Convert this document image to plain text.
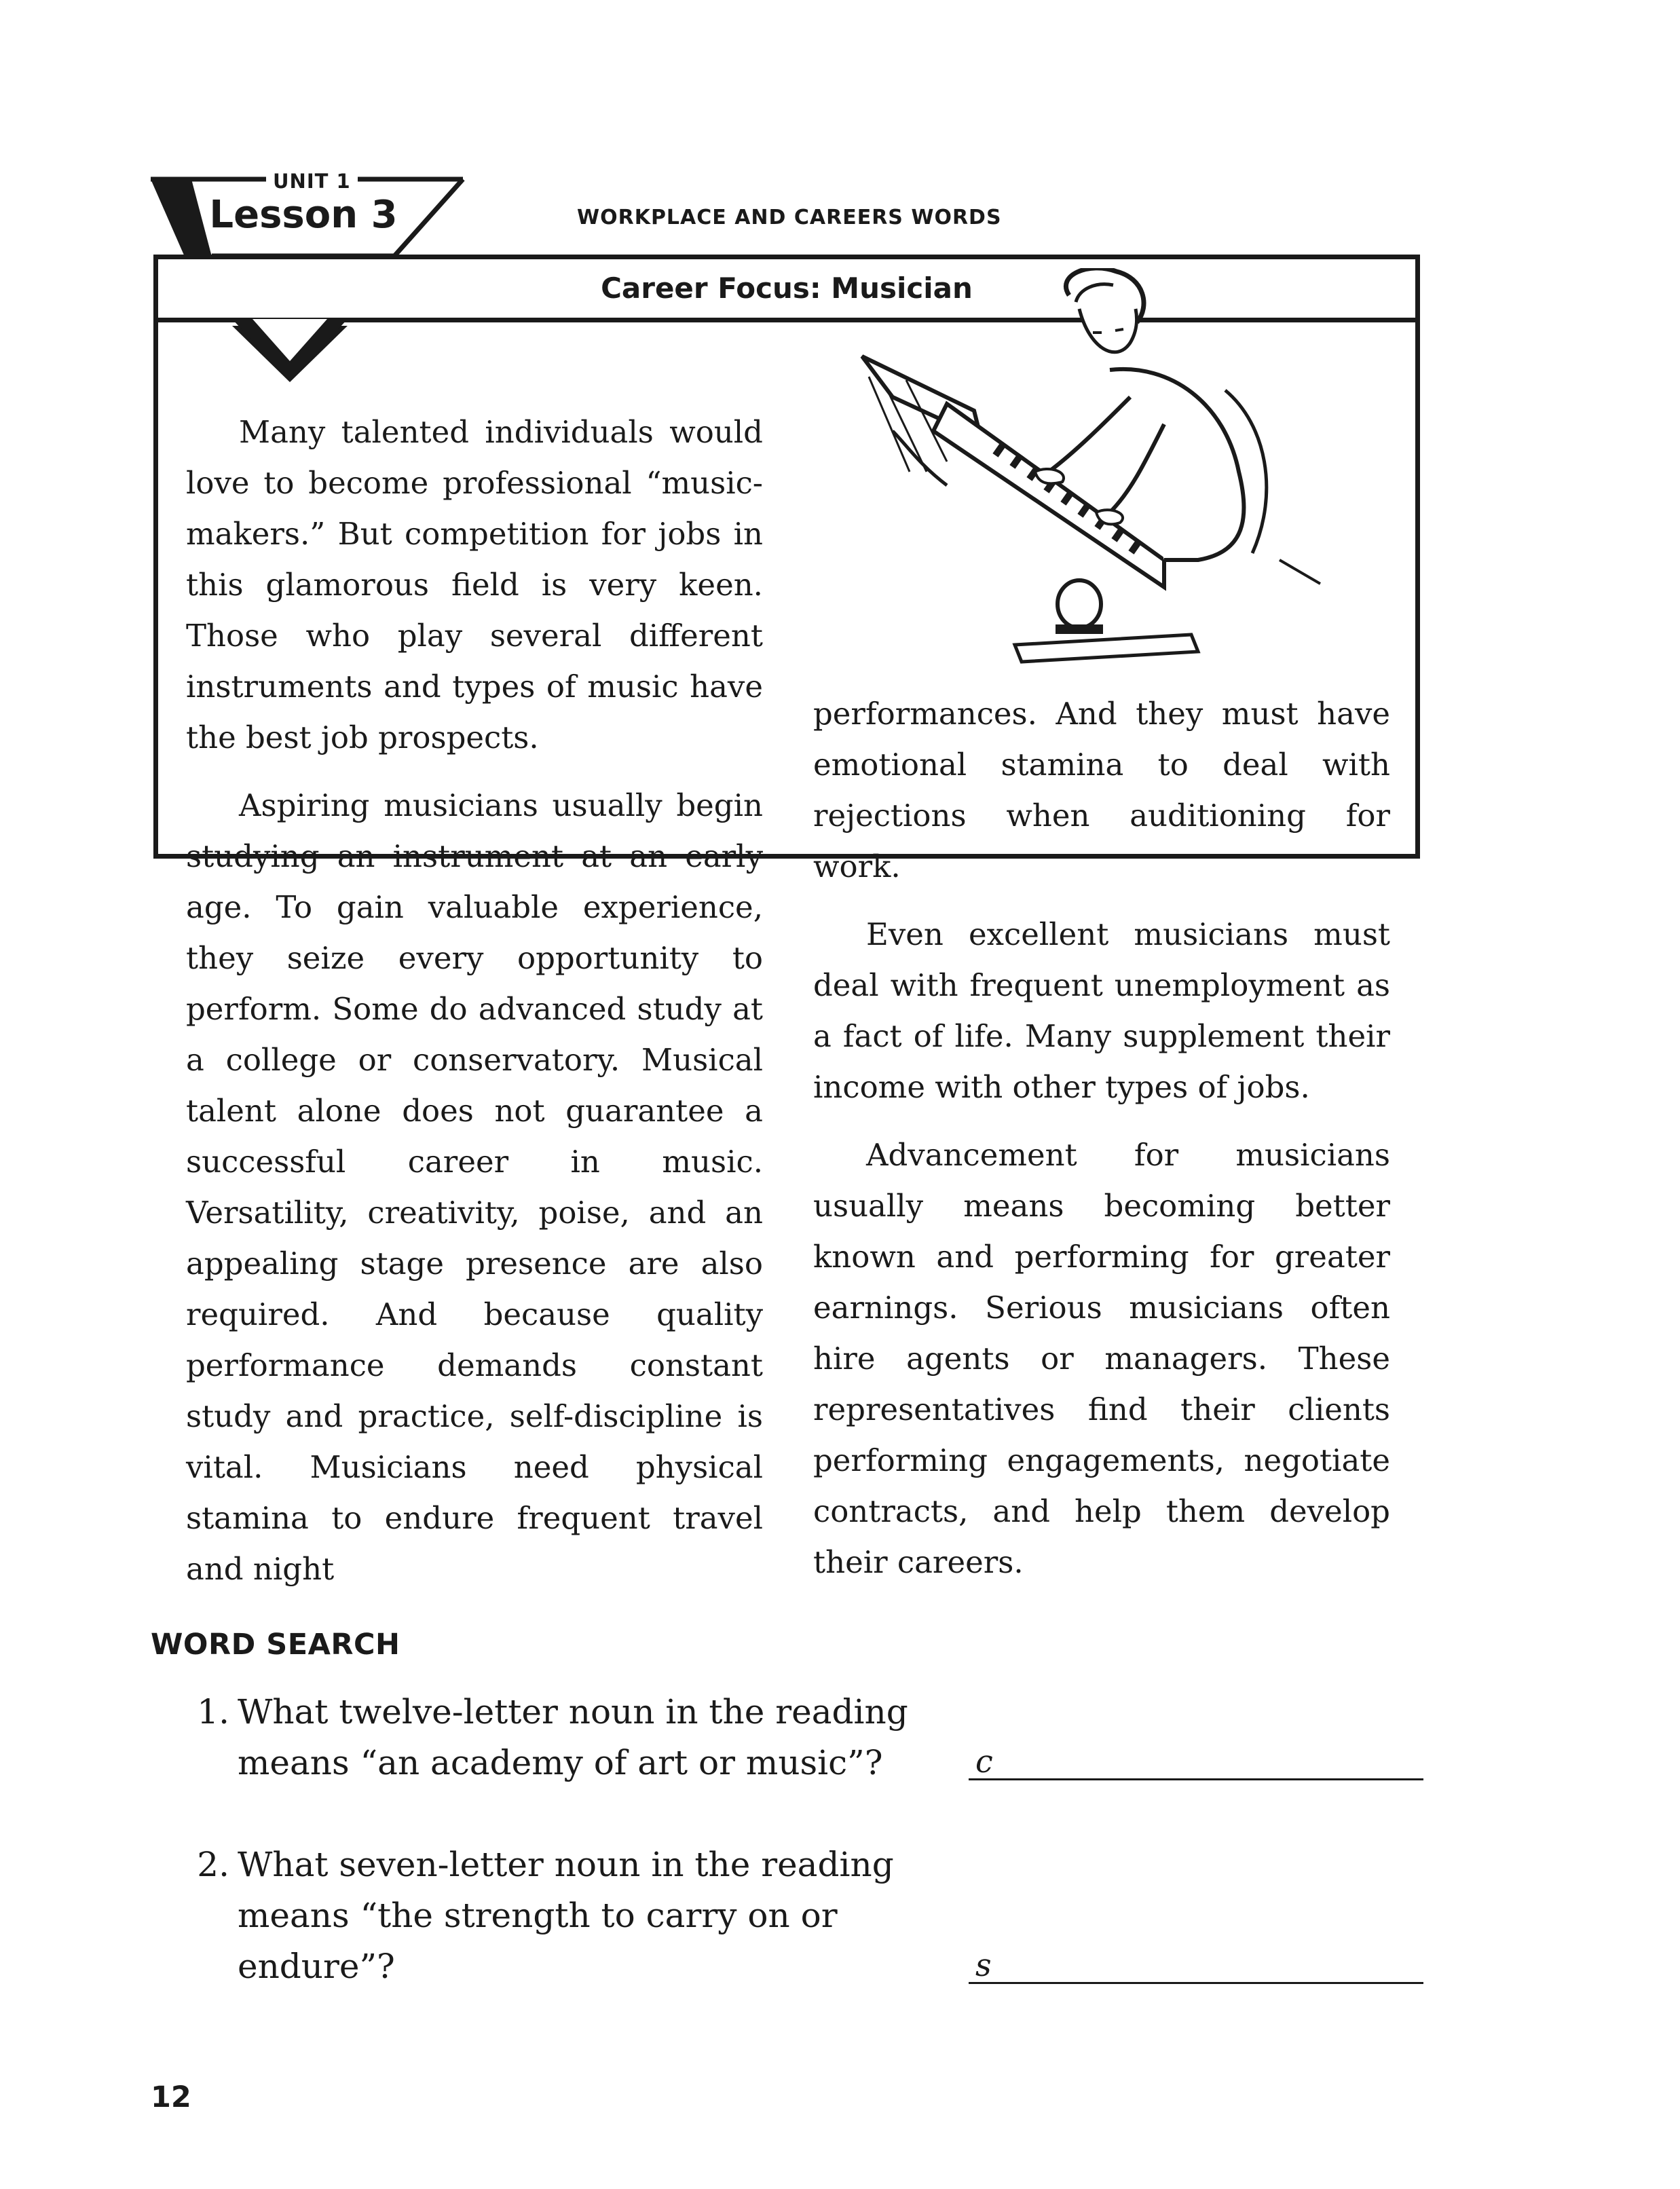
UNIT 1
Lesson 3	WORKPLACE AND CAREERS WORDS
Career Focus: Musician

Many talented individuals would love to become professional “music-makers.” But competition for jobs in this glamorous field is very keen. Those who play several different instruments and types of music have the best job prospects.

Aspiring musicians usually begin studying an instrument at an early age. To gain valuable experience, they seize every opportunity to perform. Some do advanced study at a college or conservatory. Musical talent alone does not guarantee a successful career in music. Versatility, creativity, poise, and an appealing stage presence are also required. And because quality performance demands constant study and practice, self-discipline is vital. Musicians need physical stamina to endure frequent travel and night

performances. And they must have emotional stamina to deal with rejections when auditioning for work.

Even excellent musicians must deal with frequent unemployment as a fact of life. Many supplement their income with other types of jobs.

Advancement for musicians usually means becoming better known and performing for greater earnings. Serious musicians often hire agents or managers. These representatives find their clients performing engagements, negotiate contracts, and help them develop their careers.

WORD SEARCH
1. What twelve-letter noun in the reading means “an academy of art or music”?	c
2. What seven-letter noun in the reading means “the strength to carry on or endure”?	s
12
